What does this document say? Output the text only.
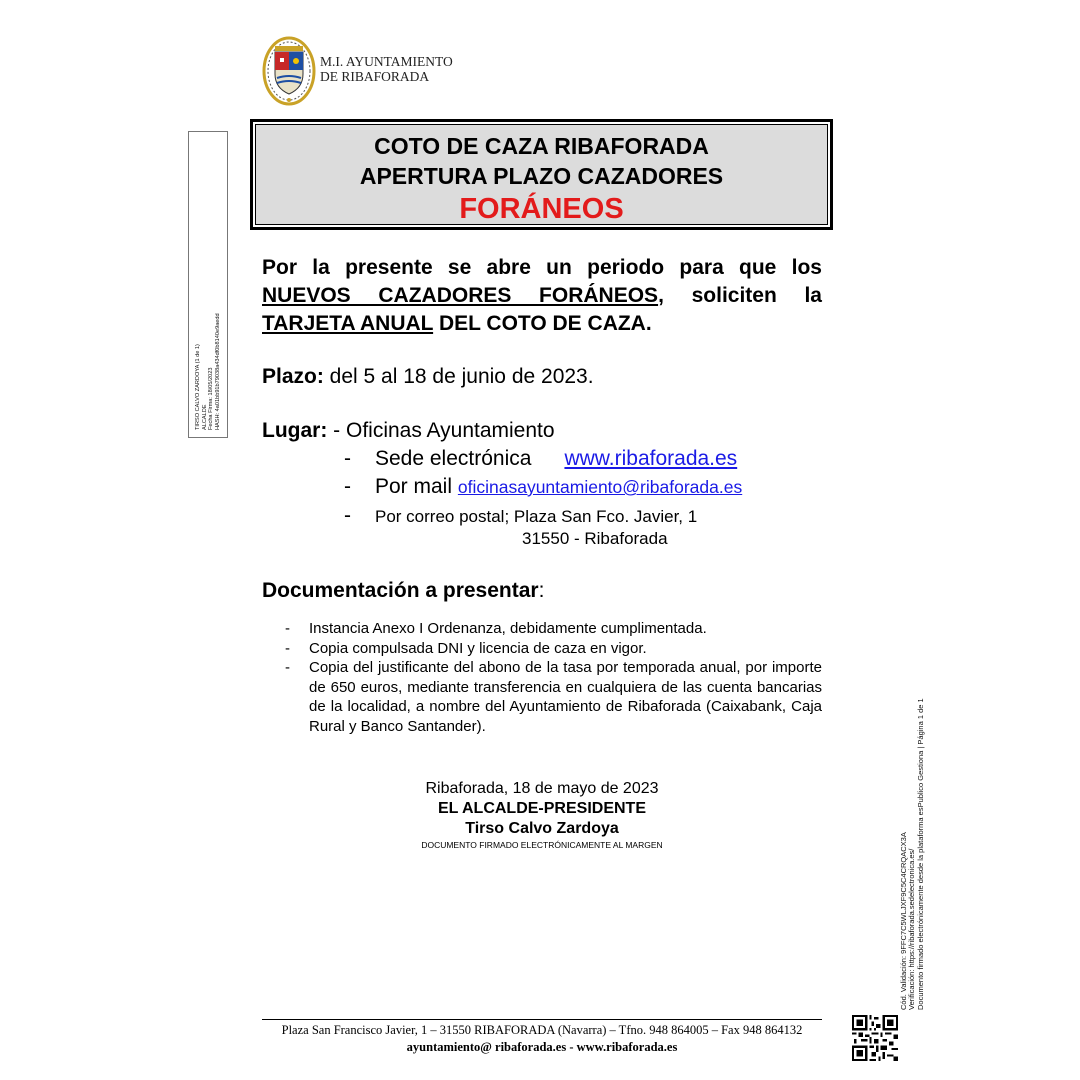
M.I. AYUNTAMIENTO
DE RIBAFORADA
TIRSO CALVO ZARDOYA (1 de 1) ALCALDE Fecha Firma: 18/05/2023 HASH: 4a01bb91b79038a434df0b8140e9aedd
COTO DE CAZA RIBAFORADA
APERTURA PLAZO CAZADORES
FORÁNEOS
Por la presente se abre un periodo para que los NUEVOS CAZADORES FORÁNEOS, soliciten la TARJETA ANUAL DEL COTO DE CAZA.
Plazo: del 5 al 18 de junio de 2023.
Lugar: - Oficinas Ayuntamiento
- Sede electrónica www.ribaforada.es
- Por mail oficinasayuntamiento@ribaforada.es
- Por correo postal; Plaza San Fco. Javier, 1
31550 - Ribaforada
Documentación a presentar:
-	Instancia Anexo I Ordenanza, debidamente cumplimentada.
-	Copia compulsada DNI y licencia de caza en vigor.
-	Copia del justificante del abono de la tasa por temporada anual, por importe de 650 euros, mediante transferencia en cualquiera de las cuenta bancarias de la localidad, a nombre del Ayuntamiento de Ribaforada (Caixabank, Caja Rural y Banco Santander).
Ribaforada, 18 de mayo de 2023
EL ALCALDE-PRESIDENTE
Tirso Calvo Zardoya
DOCUMENTO FIRMADO ELECTRÓNICAMENTE AL MARGEN	Cód. Validación: 9FFC7C5WLJXF9C5C4CRQACX3A Verificación: https://ribaforada.sedelectronica.es/ Documento firmado electrónicamente desde la plataforma esPublico Gestiona | Página 1 de 1
Plaza San Francisco Javier, 1 – 31550 RIBAFORADA (Navarra) – Tfno. 948 864005 – Fax 948 864132
ayuntamiento@ ribaforada.es - www.ribaforada.es
